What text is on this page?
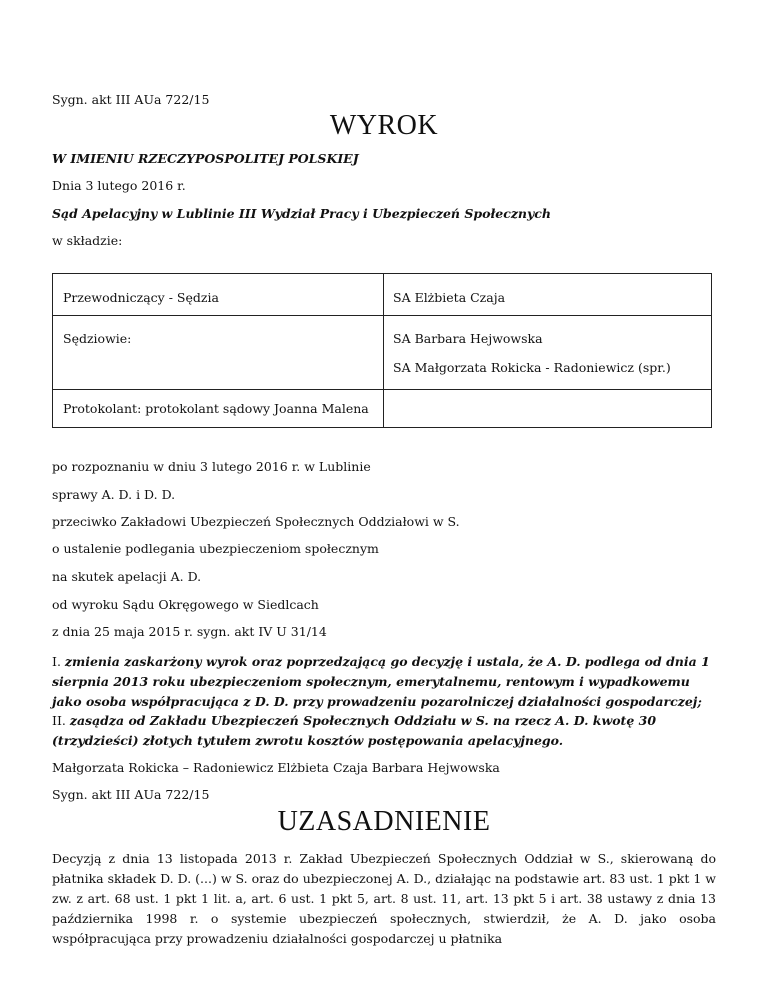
Sygn. akt III AUa 722/15
WYROK
W IMIENIU RZECZYPOSPOLITEJ POLSKIEJ
Dnia 3 lutego 2016 r.
Sąd Apelacyjny w Lublinie III Wydział Pracy i Ubezpieczeń Społecznych
w składzie:
Przewodniczący - Sędzia	SA Elżbieta Czaja
Sędziowie:	SA Barbara Hejwowska
SA Małgorzata Rokicka - Radoniewicz (spr.)
Protokolant: protokolant sądowy Joanna Malena
po rozpoznaniu w dniu 3 lutego 2016 r. w Lublinie
sprawy A. D. i D. D.
przeciwko Zakładowi Ubezpieczeń Społecznych Oddziałowi w S.
o ustalenie podlegania ubezpieczeniom społecznym
na skutek apelacji A. D.
od wyroku Sądu Okręgowego w Siedlcach
z dnia 25 maja 2015 r. sygn. akt IV U 31/14
I. zmienia zaskarżony wyrok oraz poprzedzającą go decyzję i ustala, że A. D. podlega od dnia 1 sierpnia 2013 roku ubezpieczeniom społecznym, emerytalnemu, rentowym i wypadkowemu jako osoba współpracująca z D. D. przy prowadzeniu pozarolniczej działalności gospodarczej;
II. zasądza od Zakładu Ubezpieczeń Społecznych Oddziału w S. na rzecz A. D. kwotę 30 (trzydzieści) złotych tytułem zwrotu kosztów postępowania apelacyjnego.
Małgorzata Rokicka – Radoniewicz Elżbieta Czaja Barbara Hejwowska
Sygn. akt III AUa 722/15
UZASADNIENIE
Decyzją z dnia 13 listopada 2013 r. Zakład Ubezpieczeń Społecznych Oddział w S., skierowaną do płatnika składek D. D. (...) w S. oraz do ubezpieczonej A. D., działając na podstawie art. 83 ust. 1 pkt 1 w zw. z art. 68 ust. 1 pkt 1 lit. a, art. 6 ust. 1 pkt 5, art. 8 ust. 11, art. 13 pkt 5 i art. 38 ustawy z dnia 13 października 1998 r. o systemie ubezpieczeń społecznych, stwierdził, że A. D. jako osoba współpracująca przy prowadzeniu działalności gospodarczej u płatnika
